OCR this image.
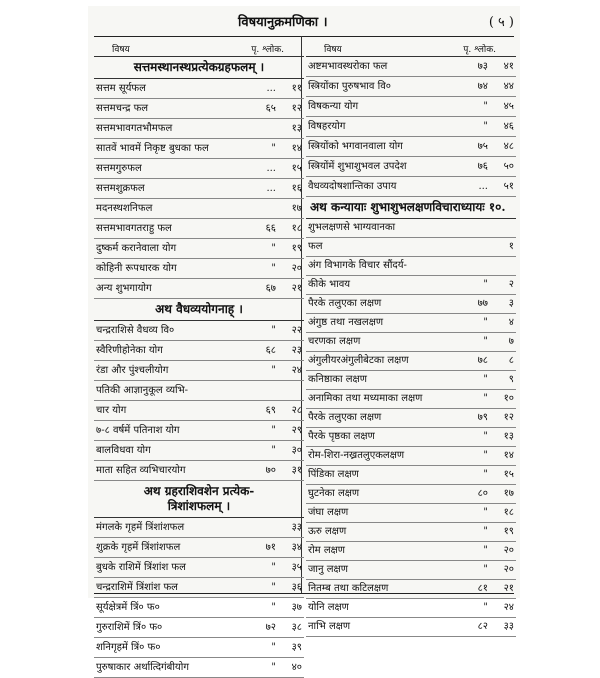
विषयानुक्रमणिका ।	( ५ )
विषय	पृ. श्लोक.
सत्तमस्थानस्थप्रत्येकग्रहफलम् ।
सत्तम सूर्यफल	...	११
सत्तमचन्द्र फल	६५	१२
सत्तमभावगतभौमफल	१३
सातवें भावमें निकृष्ट बुधका फल	"	१४
सत्तमगुरुफल	...	१५
सत्तमशुक्रफल	...	१६
मदनस्थशनिफल	१७
सत्तमभावगतराहु फल	६६	१८
दुष्कर्म करानेवाला योग	"	१९
कोहिनी रूपधारक योग	"	२०
अन्य शुभगायोग	६७	२१
अथ वैधव्ययोगनाह् ।
चन्द्रराशिसे वैधव्य वि०	"	२२
स्वैरिणीहोनेका योग	६८	२३
रंडा और पुंश्चलीयोग	"	२४
पतिकी आज्ञानुकूल व्यभि-
चार योग	६९	२८
७-८ वर्षमें पतिनाश योग	"	२९
बालविधवा योग	"	३०
माता सहित व्यभिचारयोग	७०	३१
अथ ग्रहराशिवशेन प्रत्येक-
त्रिशांशफलम् ।
मंगलके गृहमें त्रिंशांशफल	३३
शुक्रके गृहमें त्रिंशांशफल	७१	३४
बुधके राशिमें त्रिंशांश फल	"	३५
चन्द्रराशिमें त्रिंशांश फल	"	३६
सूर्यक्षेत्रमें त्रिं० फ०	"	३७
गुरुराशिमें त्रिं० फ०	७२	३८
शनिगृहमें त्रिं० फ०	"	३९
पुरुषाकार अर्थात्दिगंबीयोग	"	४०
विषय	पृ. श्लोक.
अष्टमभावस्थरोका फल	७३	४१
स्त्रियोंका पुरुषभाव वि०	७४	४४
विषकन्या योग	"	४५
विषहरयोग	"	४६
स्त्रियोंको भगवानवाला योग	७५	४८
स्त्रियोंमें शुभाशुभवल उपदेश	७६	५०
वैधव्यदोषशान्तिका उपाय	...	५१
अथ कन्यायाः शुभाशुभलक्षणविचाराध्यायः १०.
शुभलक्षणसे भाग्यवानका
फल	१
अंग विभागके विचार सौंदर्य-
कीके भावय	"	२
पैरके तलुएका लक्षण	७७	३
अंगुष्ठ तथा नखलक्षण	"	४
चरणका लक्षण	"	७
अंगुलीयरअंगुलीबेटका लक्षण	७८	८
कनिष्ठाका लक्षण	"	९
अनामिका तथा मध्यमाका लक्षण	"	१०
पैरके तलुएका लक्षण	७९	१२
पैरके पृष्ठका लक्षण	"	१३
रोम-शिरा-नख्रतलुएकलक्षण	"	१४
पिंडिका लक्षण	"	१५
घुटनेका लक्षण	८०	१७
जंघा लक्षण	"	१८
ऊरु लक्षण	"	१९
रोम लक्षण	"	२०
जानु लक्षण	"	२०
नितम्ब तथा कटिलक्षण	८१	२१
योनि लक्षण	"	२४
नाभि लक्षण	८२	३३
